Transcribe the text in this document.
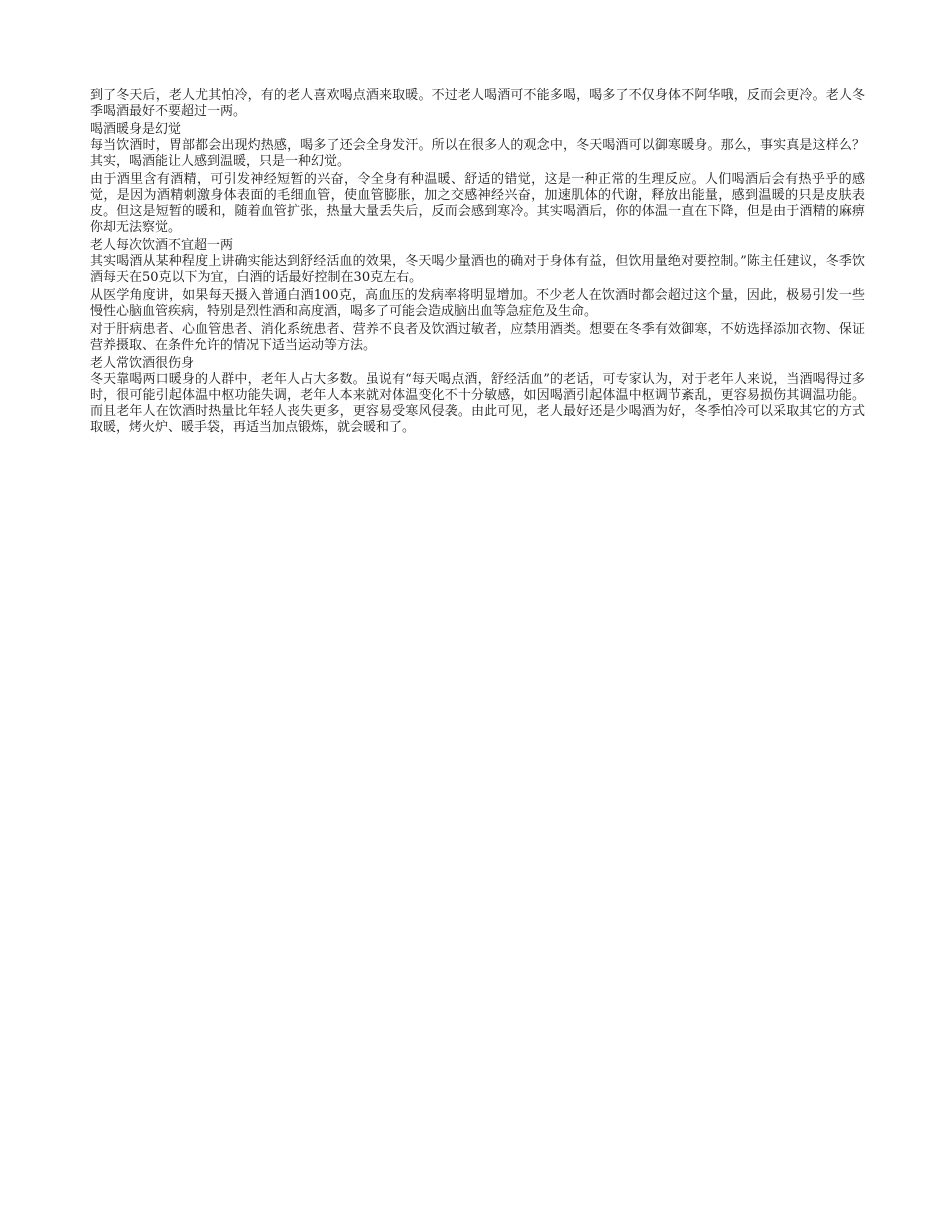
到了冬天后，老人尤其怕冷，有的老人喜欢喝点酒来取暖。不过老人喝酒可不能多喝，喝多了不仅身体不阿华哦，反而会更冷。老人冬季喝酒最好不要超过一两。

喝酒暖身是幻觉

每当饮酒时，胃部都会出现灼热感，喝多了还会全身发汗。所以在很多人的观念中，冬天喝酒可以御寒暖身。那么，事实真是这样么？其实，喝酒能让人感到温暖，只是一种幻觉。

由于酒里含有酒精，可引发神经短暂的兴奋，令全身有种温暖、舒适的错觉，这是一种正常的生理反应。人们喝酒后会有热乎乎的感觉，是因为酒精刺激身体表面的毛细血管，使血管膨胀，加之交感神经兴奋，加速肌体的代谢，释放出能量，感到温暖的只是皮肤表皮。但这是短暂的暖和，随着血管扩张，热量大量丢失后，反而会感到寒冷。其实喝酒后，你的体温一直在下降，但是由于酒精的麻痹你却无法察觉。

老人每次饮酒不宜超一两

其实喝酒从某种程度上讲确实能达到舒经活血的效果，冬天喝少量酒也的确对于身体有益，但饮用量绝对要控制。”陈主任建议，冬季饮酒每天在50克以下为宜，白酒的话最好控制在30克左右。

从医学角度讲，如果每天摄入普通白酒100克，高血压的发病率将明显增加。不少老人在饮酒时都会超过这个量，因此，极易引发一些慢性心脑血管疾病，特别是烈性酒和高度酒，喝多了可能会造成脑出血等急症危及生命。

对于肝病患者、心血管患者、消化系统患者、营养不良者及饮酒过敏者，应禁用酒类。想要在冬季有效御寒，不妨选择添加衣物、保证营养摄取、在条件允许的情况下适当运动等方法。

老人常饮酒很伤身

冬天靠喝两口暖身的人群中，老年人占大多数。虽说有“每天喝点酒，舒经活血”的老话，可专家认为，对于老年人来说，当酒喝得过多时，很可能引起体温中枢功能失调，老年人本来就对体温变化不十分敏感，如因喝酒引起体温中枢调节紊乱，更容易损伤其调温功能。而且老年人在饮酒时热量比年轻人丧失更多，更容易受寒风侵袭。由此可见，老人最好还是少喝酒为好，冬季怕冷可以采取其它的方式取暖，烤火炉、暖手袋，再适当加点锻炼，就会暖和了。
